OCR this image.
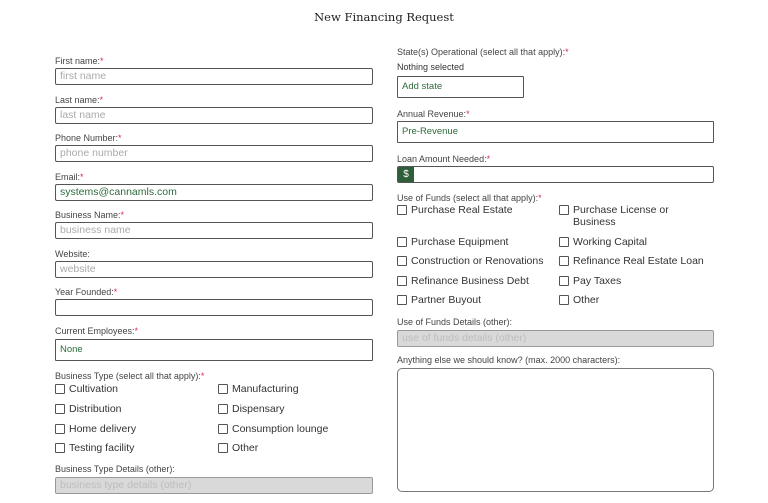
New Financing Request
First name:*
first name
Last name:*
last name
Phone Number:*
phone number
Email:*
systems@cannamls.com
Business Name:*
business name
Website:
website
Year Founded:*
Current Employees:*
None
Business Type (select all that apply):*
Cultivation	Manufacturing
Distribution	Dispensary
Home delivery	Consumption lounge
Testing facility	Other
Business Type Details (other):
business type details (other)
State(s) Operational (select all that apply):*
Nothing selected
Add state
Annual Revenue:*
Pre-Revenue
Loan Amount Needed:*
$
Use of Funds (select all that apply):*
Purchase Real Estate	Purchase License or Business
Purchase Equipment	Working Capital
Construction or Renovations	Refinance Real Estate Loan
Refinance Business Debt	Pay Taxes
Partner Buyout	Other
Use of Funds Details (other):
use of funds details (other)
Anything else we should know? (max. 2000 characters):
